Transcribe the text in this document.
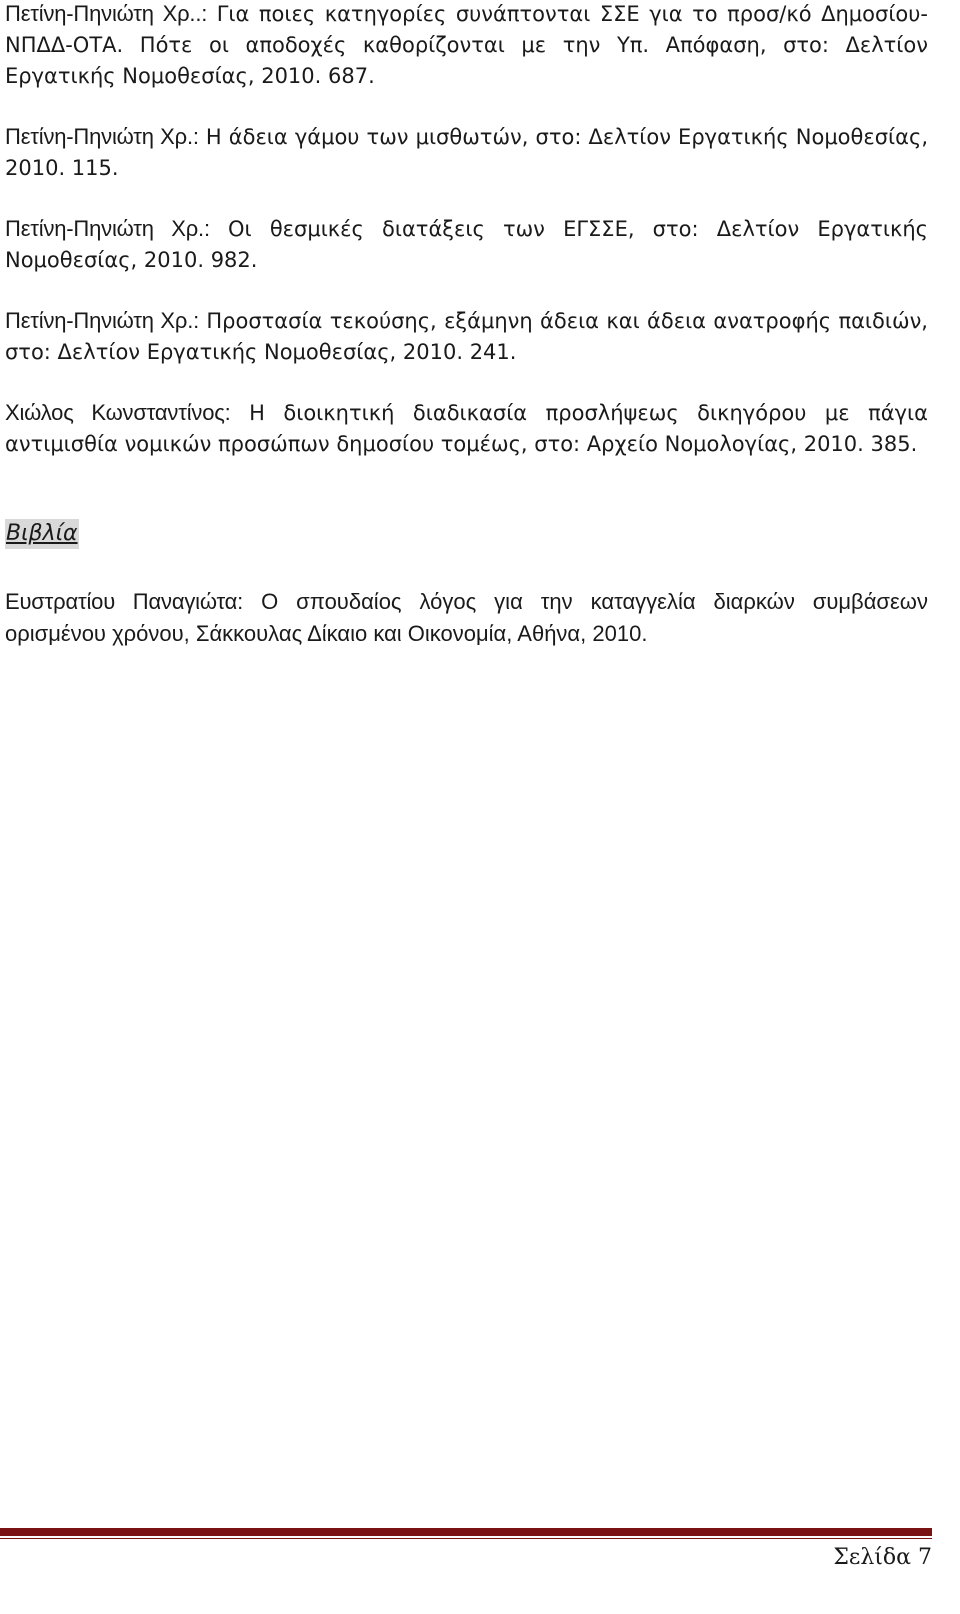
Πετίνη-Πηνιώτη Χρ..: Για ποιες κατηγορίες συνάπτονται ΣΣΕ για το προσ/κό Δημοσίου-ΝΠΔΔ-ΟΤΑ. Πότε οι αποδοχές καθορίζονται με την Υπ. Απόφαση, στο: Δελτίον Εργατικής Νομοθεσίας, 2010. 687.

Πετίνη-Πηνιώτη Χρ.: Η άδεια γάμου των μισθωτών, στο: Δελτίον Εργατικής Νομοθεσίας, 2010. 115.

Πετίνη-Πηνιώτη Χρ.: Οι θεσμικές διατάξεις των ΕΓΣΣΕ, στο: Δελτίον Εργατικής Νομοθεσίας, 2010. 982.

Πετίνη-Πηνιώτη Χρ.: Προστασία τεκούσης, εξάμηνη άδεια και άδεια ανατροφής παιδιών, στο: Δελτίον Εργατικής Νομοθεσίας, 2010. 241.

Χιώλος Κωνσταντίνος: Η διοικητική διαδικασία προσλήψεως δικηγόρου με πάγια αντιμισθία νομικών προσώπων δημοσίου τομέως, στο: Αρχείο Νομολογίας, 2010. 385.

Βιβλία

Ευστρατίου Παναγιώτα: Ο σπουδαίος λόγος για την καταγγελία διαρκών συμβάσεων ορισμένου χρόνου, Σάκκουλας Δίκαιο και Οικονομία, Αθήνα, 2010.

Σελίδα 7
